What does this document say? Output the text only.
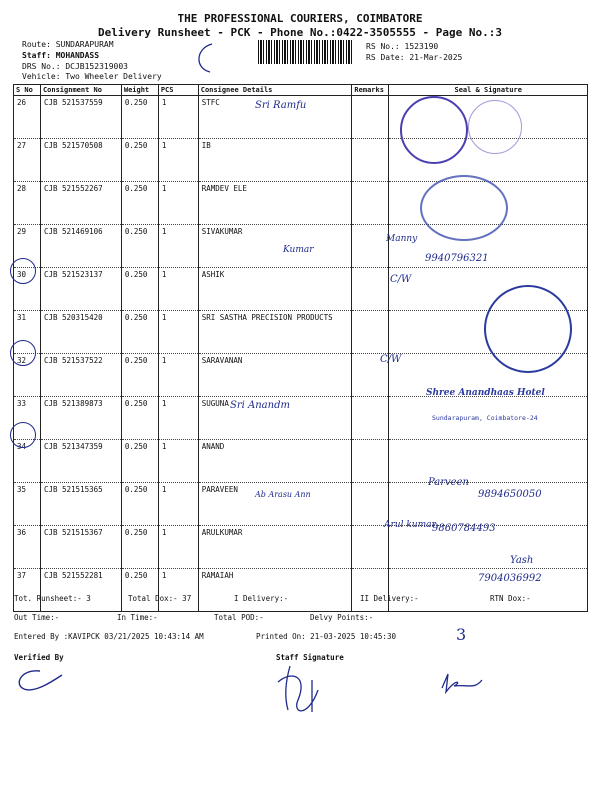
THE PROFESSIONAL COURIERS, COIMBATORE
Delivery Runsheet - PCK - Phone No.:0422-3505555 - Page No.:3
Route: SUNDARAPURAM
Staff: MOHANDASS
DRS No.: DCJB152319003
Vehicle: Two Wheeler Delivery
RS No.: 1523190
RS Date: 21-Mar-2025
S No	Consignment No	Weight	PCS	Consignee Details	Remarks	Seal & Signature
26	CJB 521537559	0.250	1	STFC		
27	CJB 521570508	0.250	1	IB		
28	CJB 521552267	0.250	1	RAMDEV ELE		
29	CJB 521469106	0.250	1	SIVAKUMAR		
30	CJB 521523137	0.250	1	ASHIK		
31	CJB 520315420	0.250	1	SRI SASTHA PRECISION PRODUCTS		
32	CJB 521537522	0.250	1	SARAVANAN		
33	CJB 521389873	0.250	1	SUGUNA		
34	CJB 521347359	0.250	1	ANAND		
35	CJB 521515365	0.250	1	PARAVEEN		
36	CJB 521515367	0.250	1	ARULKUMAR		
37	CJB 521552281	0.250	1	RAMAIAH		
Shree Anandhaas Hotel
Sundarapuram, Coimbatore-24
Sri Ramfu
Kumar
Manny
9940796321
C/W
C/W
Sri Anandm
Ab Arasu Ann
Parveen
9894650050
Arul kumar
9860784493
Yash
7904036992
3
Tot. Runsheet:- 3	Total Dox:- 37	I Delivery:-	II Delivery:-	RTN Dox:-
Out Time:-	In Time:-	Total POD:-	Delvy Points:-
Entered By :KAVIPCK 03/21/2025 10:43:14 AM	Printed On: 21-03-2025 10:45:30
Verified By	Staff Signature
